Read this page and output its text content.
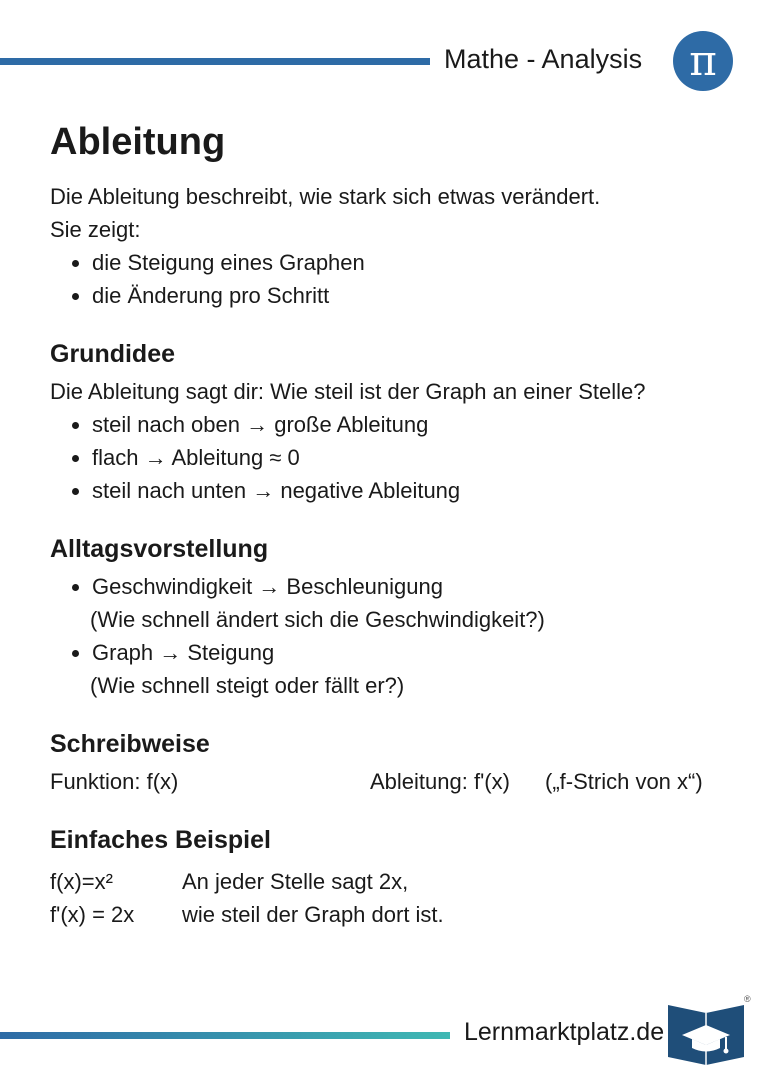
Mathe - Analysis π
Ableitung

Die Ableitung beschreibt, wie stark sich etwas verändert.

Sie zeigt:

• die Steigung eines Graphen
• die Änderung pro Schritt
Grundidee

Die Ableitung sagt dir: Wie steil ist der Graph an einer Stelle?

• steil nach oben → große Ableitung
• flach → Ableitung ≈ 0
• steil nach unten → negative Ableitung
Alltagsvorstellung
• Geschwindigkeit → Beschleunigung
(Wie schnell ändert sich die Geschwindigkeit?)
• Graph → Steigung
(Wie schnell steigt oder fällt er?)
Schreibweise
Funktion: f(x)	Ableitung: f'(x)	(„f-Strich von x“)
Einfaches Beispiel
f(x)=x²	An jeder Stelle sagt 2x,
f'(x) = 2x	wie steil der Graph dort ist.
Lernmarktplatz.de
®
